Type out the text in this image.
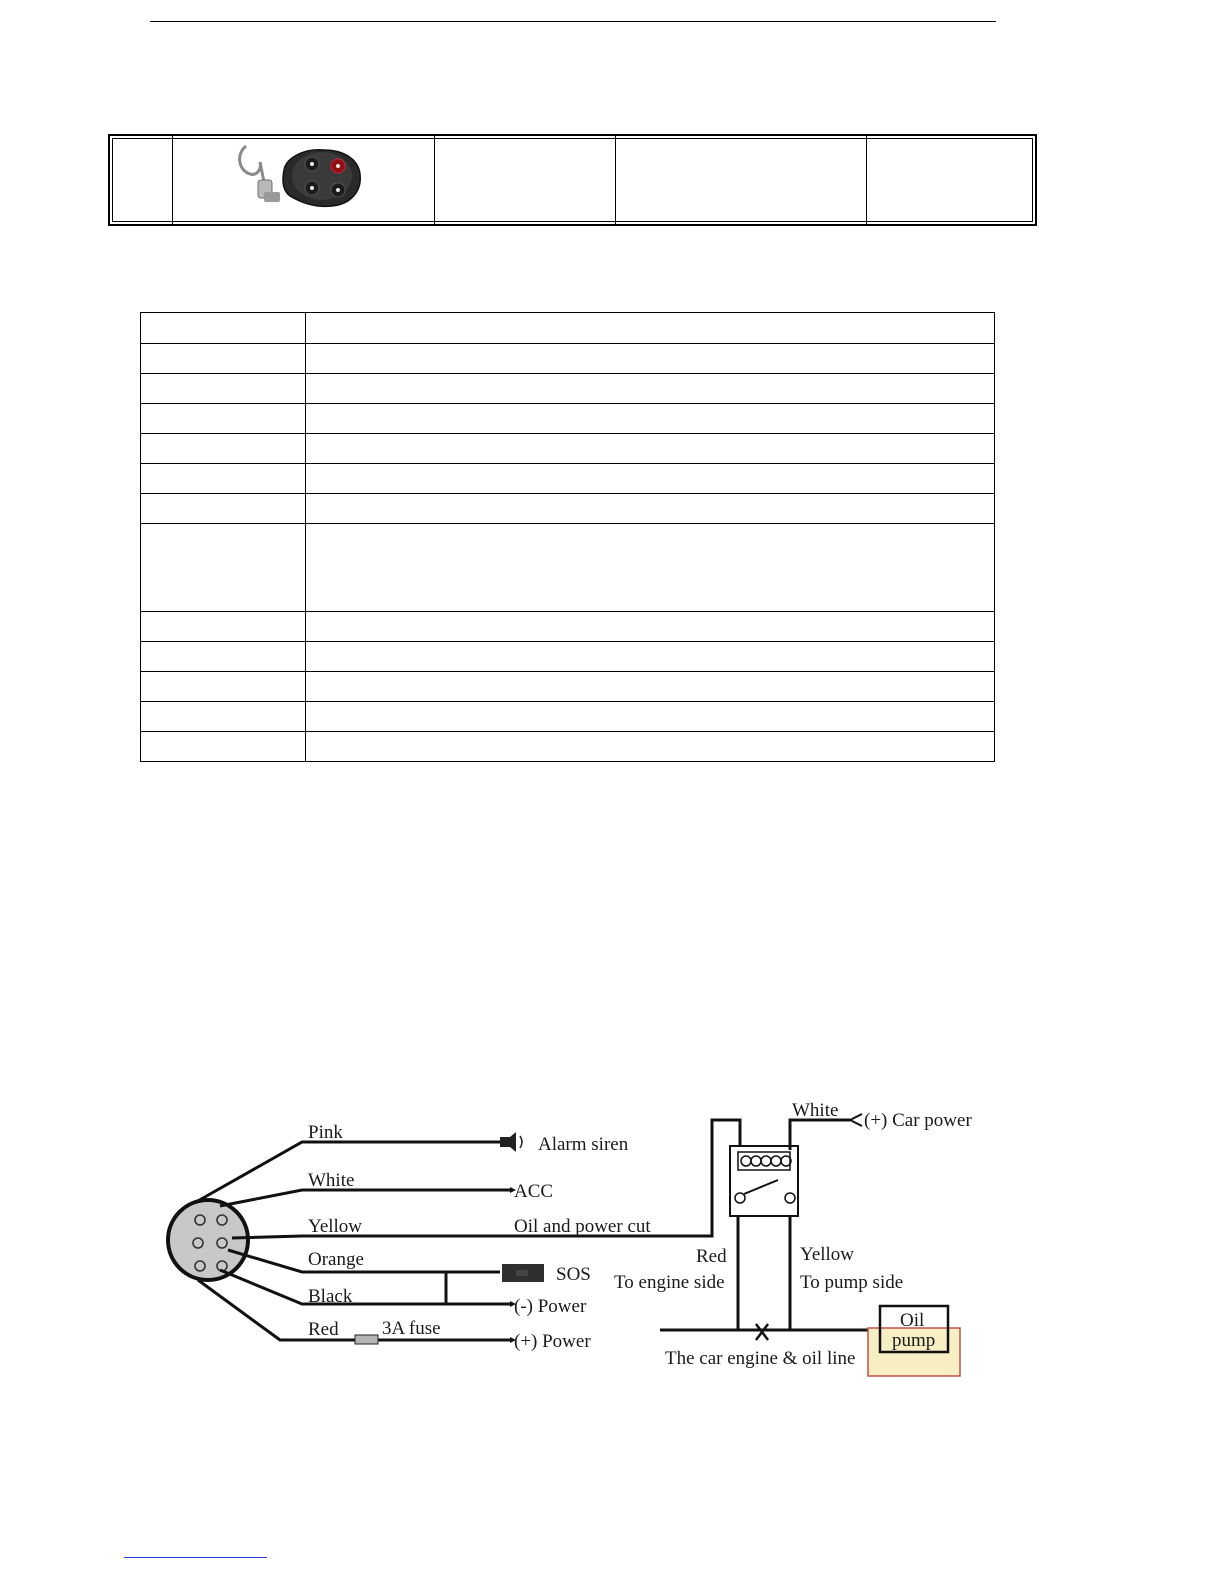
Pink
Alarm siren
White
ACC
Yellow	Oil and power cut
Orange
SOS
Black	(-) Power
Red
(+) Power
3A fuse
White (+) Car power
Red
To engine side
Yellow
To pump side
The car engine & oil line
Oil
pump
